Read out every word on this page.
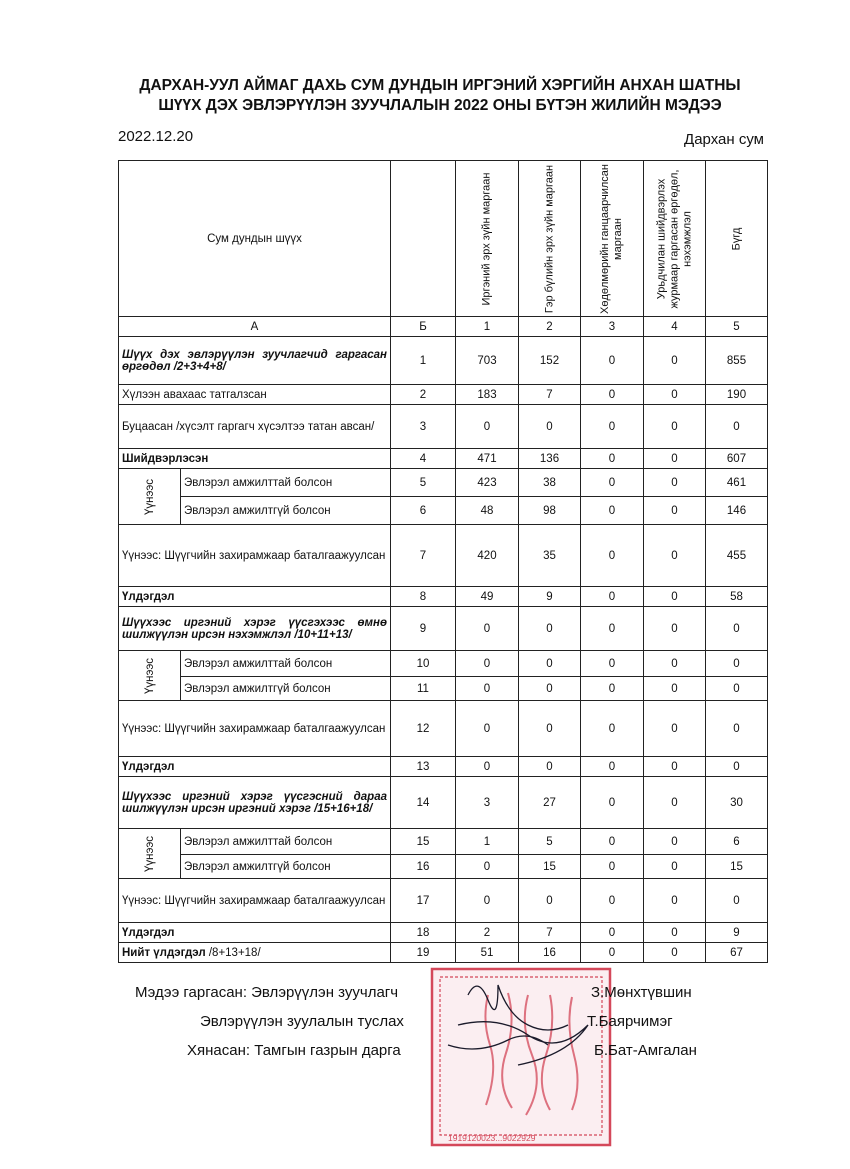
ДАРХАН-УУЛ АЙМАГ ДАХЬ СУМ ДУНДЫН ИРГЭНИЙ ХЭРГИЙН АНХАН ШАТНЫ
ШҮҮХ ДЭХ ЭВЛЭРҮҮЛЭН ЗУУЧЛАЛЫН 2022 ОНЫ БҮТЭН ЖИЛИЙН МЭДЭЭ
2022.12.20	Дархан сум
Сум дундын шүүх			Иргэний эрх зүйн маргаан	Гэр бүлийн эрх зүйн маргаан	Хөдөлмөрийн ганцаарчилсан маргаан	Урьдчилан шийдвэрлэх журмаар гаргасан өргөдөл, нэхэмжлэл	Бүгд

А		Б	1	2	3	4	5
Шүүх дэх эвлэрүүлэн зуучлагчид гаргасан өргөдөл /2+3+4+8/		1	703	152	0	0	855
Хүлээн авахаас татгалзсан		2	183	7	0	0	190
Буцаасан /хүсэлт гаргагч хүсэлтээ татан авсан/		3	0	0	0	0	0
Шийдвэрлэсэн		4	471	136	0	0	607

Үүнээс	Эвлэрэл амжилттай болсон	5	423	38	0	0	461
	Эвлэрэл амжилтгүй болсон	6	48	98	0	0	146
Үүнээс: Шүүгчийн захирамжаар баталгаажуулсан		7	420	35	0	0	455
Үлдэгдэл		8	49	9	0	0	58
Шүүхээс иргэний хэрэг үүсгэхээс өмнө шилжүүлэн ирсэн нэхэмжлэл /10+11+13/		9	0	0	0	0	0

Үүнээс	Эвлэрэл амжилттай болсон	10	0	0	0	0	0
	Эвлэрэл амжилтгүй болсон	11	0	0	0	0	0
Үүнээс: Шүүгчийн захирамжаар баталгаажуулсан		12	0	0	0	0	0
Үлдэгдэл		13	0	0	0	0	0
Шүүхээс иргэний хэрэг үүсгэсний дараа шилжүүлэн ирсэн иргэний хэрэг /15+16+18/		14	3	27	0	0	30

Үүнээс	Эвлэрэл амжилттай болсон	15	1	5	0	0	6
	Эвлэрэл амжилтгүй болсон	16	0	15	0	0	15
Үүнээс: Шүүгчийн захирамжаар баталгаажуулсан		17	0	0	0	0	0
Үлдэгдэл		18	2	7	0	0	9
Нийт үлдэгдэл /8+13+18/		19	51	16	0	0	67
1919120023...9022929
Мэдээ гаргасан: Эвлэрүүлэн зуучлагч	З.Мөнхтүвшин
Эвлэрүүлэн зуулалын туслах	Т.Баярчимэг
Хянасан: Тамгын газрын дарга	Б.Бат-Амгалан
